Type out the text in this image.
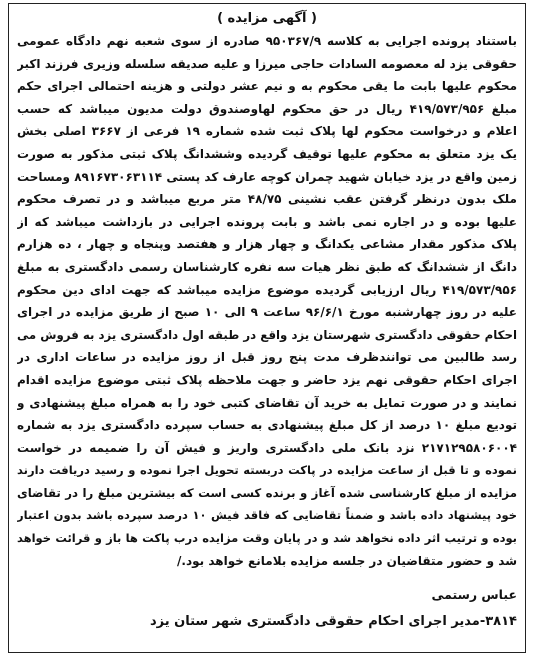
( آگهی مزایده )
باستناد پرونده اجرایی به کلاسه ۹۵۰۳۶۷/۹ صادره از سوی شعبه نهم دادگاه عمومی
حقوقی یزد له معصومه السادات حاجی میرزا و علیه صدیقه سلسله وزیری فرزند اکبر
محکوم علیها بابت ما یقی محکوم به و نیم عشر دولتی و هزینه احتمالی اجرای حکم
مبلغ ۴۱۹/۵۷۳/۹۵۶ ریال در حق محکوم لهاوصندوق دولت مدیون میباشد که حسب
اعلام و درخواست محکوم لها پلاک ثبت شده شماره ۱۹ فرعی از ۳۶۶۷ اصلی بخش
یک یزد متعلق به محکوم علیها توقیف گردیده وششدانگ پلاک ثبتی مذکور به صورت
زمین واقع در یزد خیابان شهید چمران کوچه عارف کد پستی ۸۹۱۶۷۳۰۶۳۱۱۴ ومساحت
ملک بدون درنظر گرفتن عقب نشینی ۴۸/۷۵ متر مربع میباشد و در تصرف محکوم
علیها بوده و در اجاره نمی باشد و بابت پرونده اجرایی در بازداشت میباشد که از
پلاک مذکور مقدار مشاعی یکدانگ و چهار هزار و هفتصد وپنجاه و چهار ، ده هزارم
دانگ از ششدانگ که طبق نظر هیات سه نفره کارشناسان رسمی دادگستری به مبلغ
۴۱۹/۵۷۳/۹۵۶ ریال ارزیابی گردیده موضوع مزایده میباشد که جهت ادای دین محکوم
علیه در روز چهارشنبه مورخ ۹۶/۶/۱ ساعت ۹ الی ۱۰ صبح از طریق مزایده در اجرای
احکام حقوقی دادگستری شهرستان یزد واقع در طبقه اول دادگستری یزد به فروش می
رسد طالبین می توانندظرف مدت پنج روز قبل از روز مزایده در ساعات اداری در
اجرای احکام حقوقی نهم یزد حاضر و جهت ملاحظه پلاک ثبتی موضوع مزایده اقدام
نمایند و در صورت تمایل به خرید آن تقاضای کتبی خود را به همراه مبلغ پیشنهادی و
تودیع مبلغ ۱۰ درصد از کل مبلغ پیشنهادی به حساب سپرده دادگستری یزد به شماره
۲۱۷۱۲۹۵۸۰۶۰۰۴ نزد بانک ملی دادگستری واریز و فیش آن را ضمیمه در خواست
نموده و تا قبل از ساعت مزایده در پاکت دربسته تحویل اجرا نموده و رسید دریافت دارند
مزایده از مبلغ کارشناسی شده آغاز و برنده کسی است که بیشترین مبلغ را در تقاضای
خود پیشنهاد داده باشد و ضمناً تقاضایی که فاقد فیش ۱۰ درصد سپرده باشد بدون اعتبار
بوده و ترتیب اثر داده نخواهد شد و در پایان وقت مزایده درب پاکت ها باز و قرائت خواهد
شد و حضور متقاضیان در جلسه مزایده بلامانع خواهد بود./
عباس رستمی
۳۸۱۴-مدیر اجرای احکام حقوقی دادگستری شهر ستان یزد
